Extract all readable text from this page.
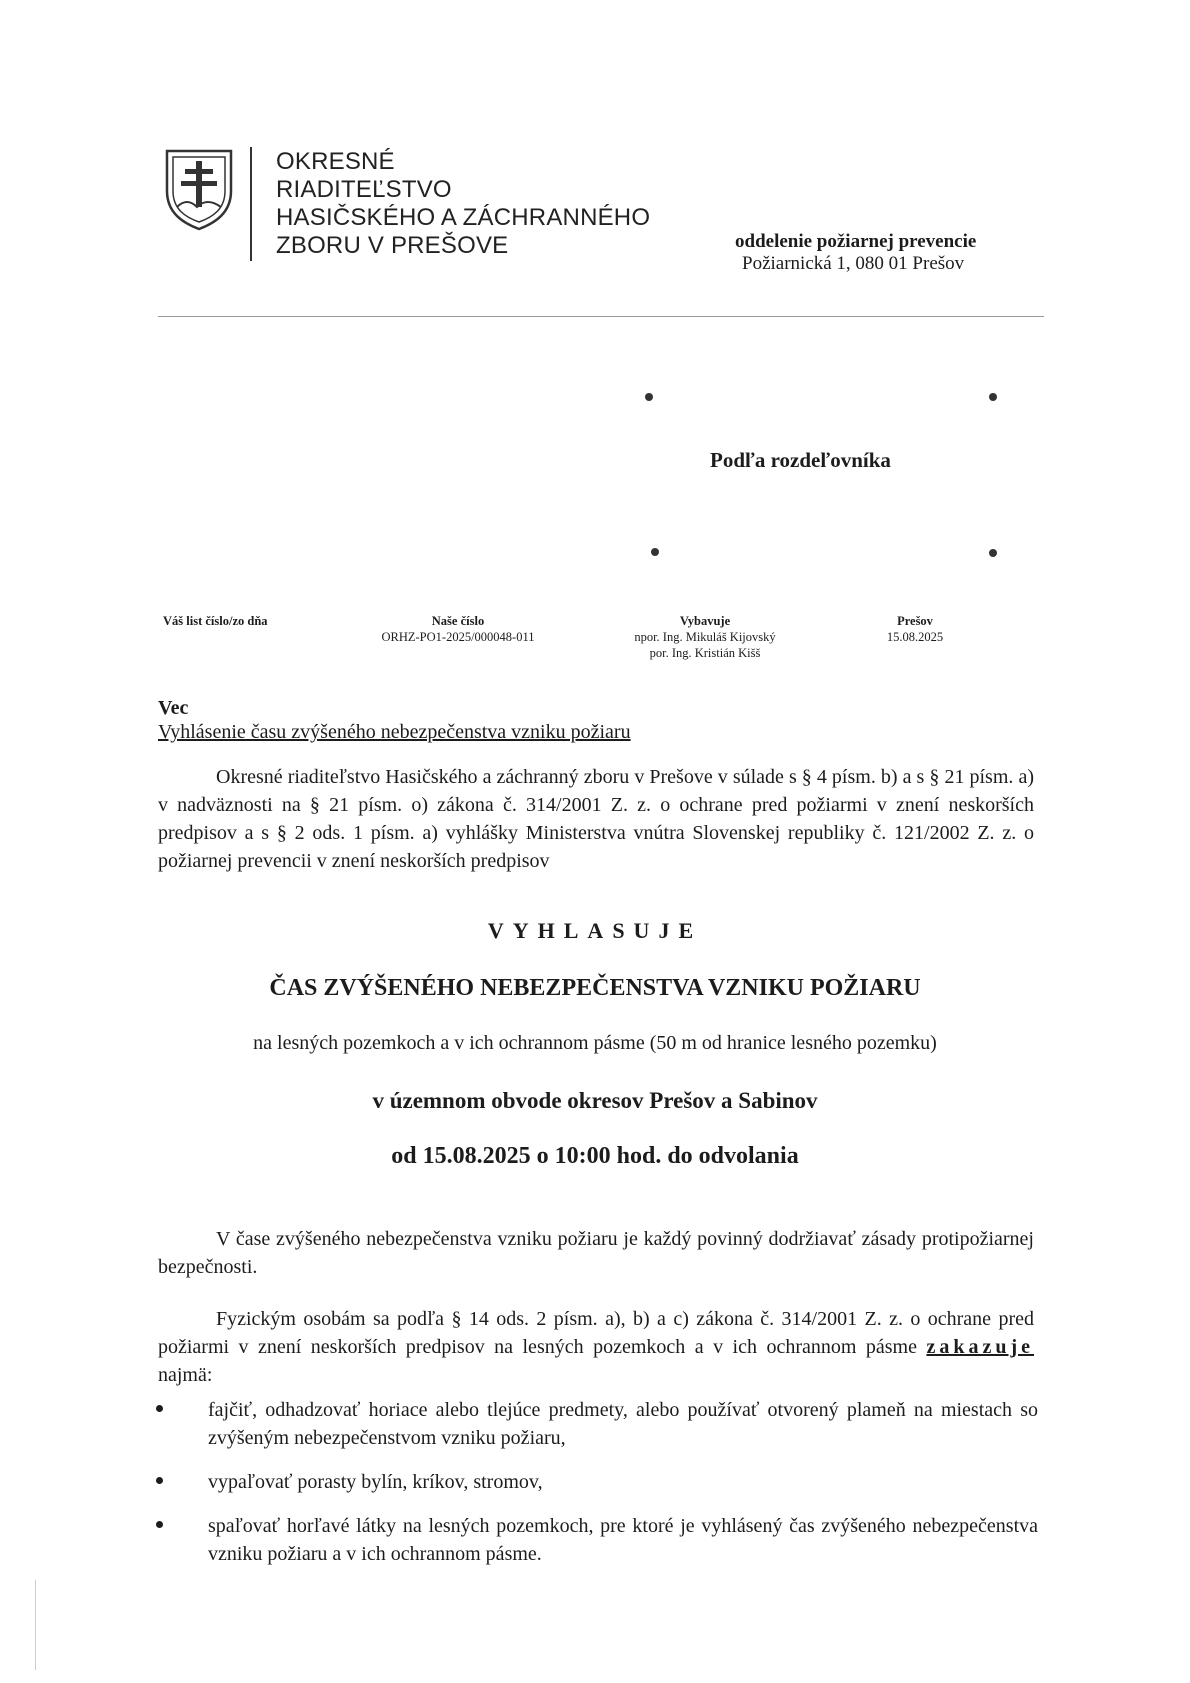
OKRESNÉ
RIADITEĽSTVO
HASIČSKÉHO A ZÁCHRANNÉHO
ZBORU V PREŠOVE	oddelenie požiarnej prevencie
Požiarnická 1, 080 01 Prešov
Podľa rozdeľovníka
Váš list číslo/zo dňa	Naše číslo
ORHZ-PO1-2025/000048-011
Vybavuje
npor. Ing. Mikuláš Kijovský
por. Ing. Kristián Kišš
Prešov
15.08.2025
Vec
Vyhlásenie času zvýšeného nebezpečenstva vzniku požiaru
Okresné riaditeľstvo Hasičského a záchranný zboru v Prešove v súlade s § 4 písm. b) a s § 21 písm. a) v nadväznosti na § 21 písm. o) zákona č. 314/2001 Z. z. o ochrane pred požiarmi v znení neskorších predpisov a s § 2 ods. 1 písm. a) vyhlášky Ministerstva vnútra Slovenskej republiky č. 121/2002 Z. z. o požiarnej prevencii v znení neskorších predpisov
VYHLASUJE
ČAS ZVÝŠENÉHO NEBEZPEČENSTVA VZNIKU POŽIARU
na lesných pozemkoch a v ich ochrannom pásme (50 m od hranice lesného pozemku)
v územnom obvode okresov Prešov a Sabinov
od 15.08.2025 o 10:00 hod. do odvolania
V čase zvýšeného nebezpečenstva vzniku požiaru je každý povinný dodržiavať zásady protipožiarnej bezpečnosti.
Fyzickým osobám sa podľa § 14 ods. 2 písm. a), b) a c) zákona č. 314/2001 Z. z. o ochrane pred požiarmi v znení neskorších predpisov na lesných pozemkoch a v ich ochrannom pásme zakazuje najmä:
fajčiť, odhadzovať horiace alebo tlejúce predmety, alebo používať otvorený plameň na miestach so zvýšeným nebezpečenstvom vzniku požiaru,
vypaľovať porasty bylín, kríkov, stromov,
spaľovať horľavé látky na lesných pozemkoch, pre ktoré je vyhlásený čas zvýšeného nebezpečenstva vzniku požiaru a v ich ochrannom pásme.
